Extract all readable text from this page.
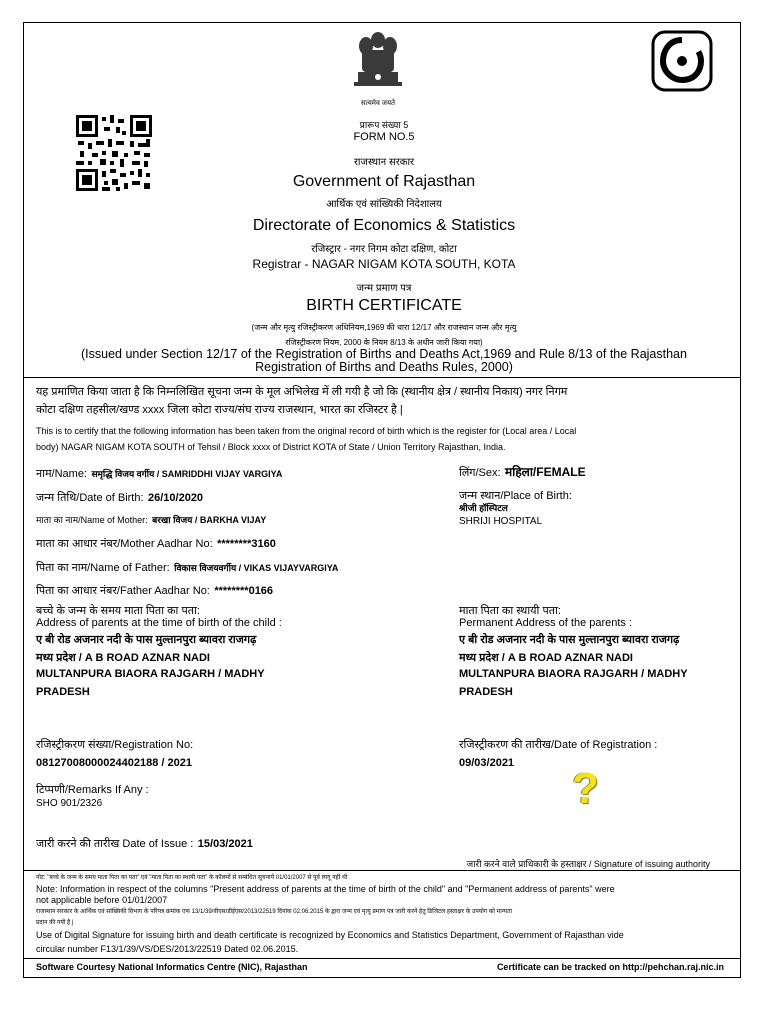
सत्यमेव जयते
प्रारूप संख्या 5
FORM NO.5
राजस्थान सरकार
Government of Rajasthan
आर्थिक एवं सांख्यिकी निदेशालय
Directorate of Economics & Statistics
रजिस्ट्रार - नगर निगम कोटा दक्षिण, कोटा
Registrar - NAGAR NIGAM KOTA SOUTH, KOTA
जन्म प्रमाण पत्र
BIRTH CERTIFICATE
(जन्म और मृत्यु रजिस्ट्रीकरण अधिनियम,1969 की धारा 12/17 और राजस्थान जन्म और मृत्यु
रजिस्ट्रीकरण नियम, 2000 के नियम 8/13 के अधीन जारी किया गया)
(Issued under Section 12/17 of the Registration of Births and Deaths Act,1969 and Rule 8/13 of the Rajasthan
Registration of Births and Deaths Rules, 2000)
यह प्रमाणित किया जाता है कि निम्नलिखित सूचना जन्म के मूल अभिलेख में ली गयी है जो कि (स्थानीय क्षेत्र / स्थानीय निकाय) नगर निगम
कोटा दक्षिण तहसील/खण्ड xxxx जिला कोटा राज्य/संघ राज्य राजस्थान, भारत का रजिस्टर है |
This is to certify that the following information has been taken from the original record of birth which is the register for (Local area / Local
body) NAGAR NIGAM KOTA SOUTH of Tehsil / Block xxxx of District KOTA of State / Union Territory Rajasthan, India.
नाम/Name: समृद्धि विजय वर्गीय / SAMRIDDHI VIJAY VARGIYA
जन्म तिथि/Date of Birth: 26/10/2020
माता का नाम/Name of Mother: बरखा विजय / BARKHA VIJAY
माता का आधार नंबर/Mother Aadhar No: ********3160
पिता का नाम/Name of Father: विकास विजयवर्गीय / VIKAS VIJAYVARGIYA
पिता का आधार नंबर/Father Aadhar No: ********0166
लिंग/Sex: महिला/FEMALE
जन्म स्थान/Place of Birth:
श्रीजी हॉस्पिटल
SHRIJI HOSPITAL
बच्चे के जन्म के समय माता पिता का पता:
Address of parents at the time of birth of the child :
ए बी रोड अजनार नदी के पास मुल्तानपुरा ब्यावरा राजगढ़
मध्य प्रदेश / A B ROAD AZNAR NADI
MULTANPURA BIAORA RAJGARH / MADHY
PRADESH
माता पिता का स्थायी पता:
Permanent Address of the parents :
ए बी रोड अजनार नदी के पास मुल्तानपुरा ब्यावरा राजगढ़
मध्य प्रदेश / A B ROAD AZNAR NADI
MULTANPURA BIAORA RAJGARH / MADHY
PRADESH
रजिस्ट्रीकरण संख्या/Registration No:
08127008000024402188 / 2021
रजिस्ट्रीकरण की तारीख/Date of Registration :
09/03/2021
टिप्पणी/Remarks If Any :
SHO 901/2326	?
जारी करने की तारीख Date of Issue : 15/03/2021
जारी करने वाले प्राधिकारी के हस्ताक्षर / Signature of issuing authority
नोट: "बच्चे के जन्म के समय माता पिता का पता" एवं "माता पिता का स्थायी पता" के कॉलमों से सम्बंधित सूचनायें 01/01/2007 से पूर्व लागू नहीं थी
Note: Information in respect of the columns "Present address of parents at the time of birth of the child" and "Permanent address of parents" were
not applicable before 01/01/2007
राजस्थान सरकार के आर्थिक एवं सांख्यिकी विभाग के परिपत्र क्रमांक एफ 13/1/39/वीएस/डीईएस/2013/22519 दिनांक 02.06.2015 के द्वारा जन्म एवं मृत्यु प्रमाण पत्र जारी करने हेतु डिजिटल हस्ताक्षर के उपयोग को मान्यता
प्रदान की गयी है |
Use of Digital Signature for issuing birth and death certificate is recognized by Economics and Statistics Department, Government of Rajasthan vide
circular number F13/1/39/VS/DES/2013/22519 Dated 02.06.2015.
Software Courtesy National Informatics Centre (NIC), Rajasthan	Certificate can be tracked on http://pehchan.raj.nic.in
